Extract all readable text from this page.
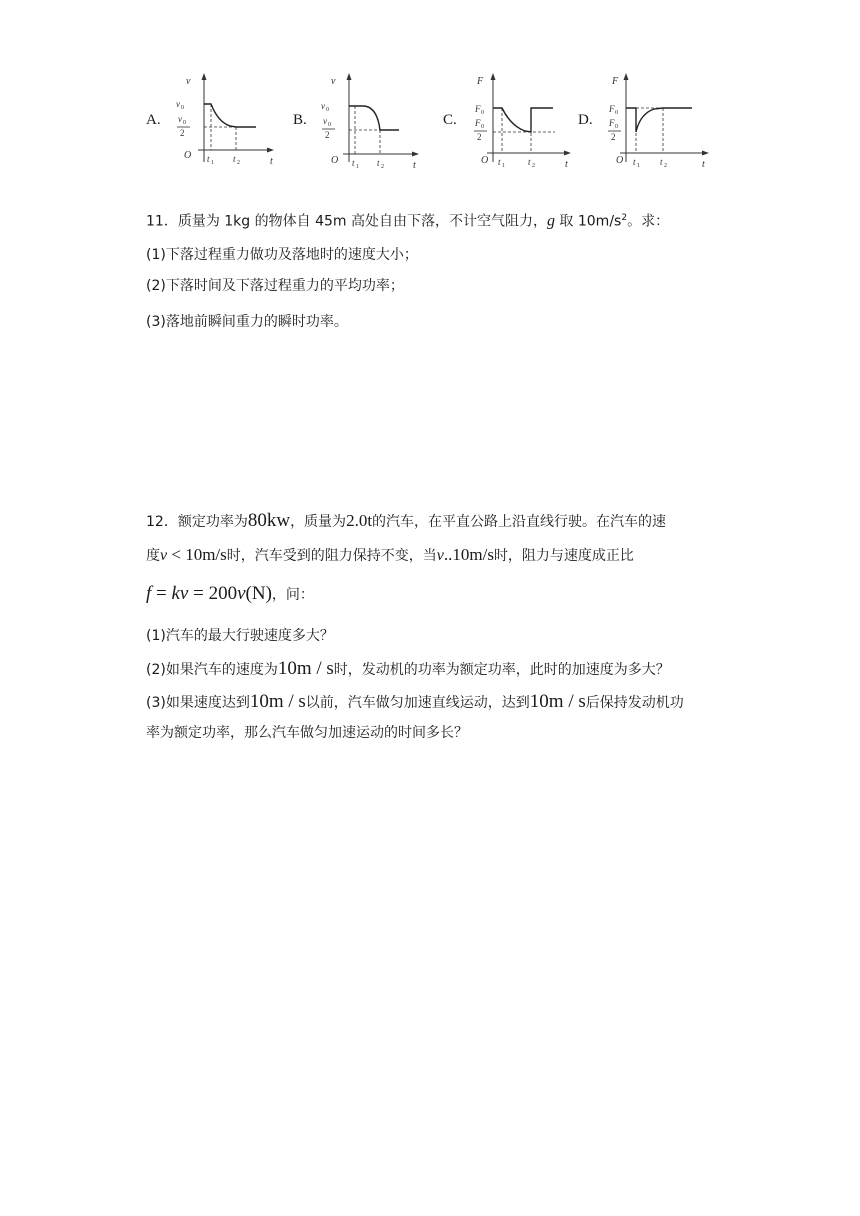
A.
v
v 0
v 0
2
O t 1 t 2	t
B.
v
v 0
v 0
2
O t 1 t 2	t
C.
F
F 0
F 0
2
O t 1	t 2	t
D.
F
F 0
F 0
2
O t 1 t 2	t
11．质量为 1kg 的物体自 45m 高处自由下落，不计空气阻力，g 取 $10m/s^2$。求：
(1)下落过程重力做功及落地时的速度大小；
(2)下落时间及下落过程重力的平均功率；
(3)落地前瞬间重力的瞬时功率。
12．额定功率为80kw，质量为2.0t的汽车，在平直公路上沿直线行驶。在汽车的速
度v < 10m/s时，汽车受到的阻力保持不变，当v..10m/s时，阻力与速度成正比
f = kv = 200v(N)，问：
(1)汽车的最大行驶速度多大？
(2)如果汽车的速度为10m / s时，发动机的功率为额定功率，此时的加速度为多大？
(3)如果速度达到10m / s以前，汽车做匀加速直线运动，达到10m / s后保持发动机功
率为额定功率，那么汽车做匀加速运动的时间多长？
